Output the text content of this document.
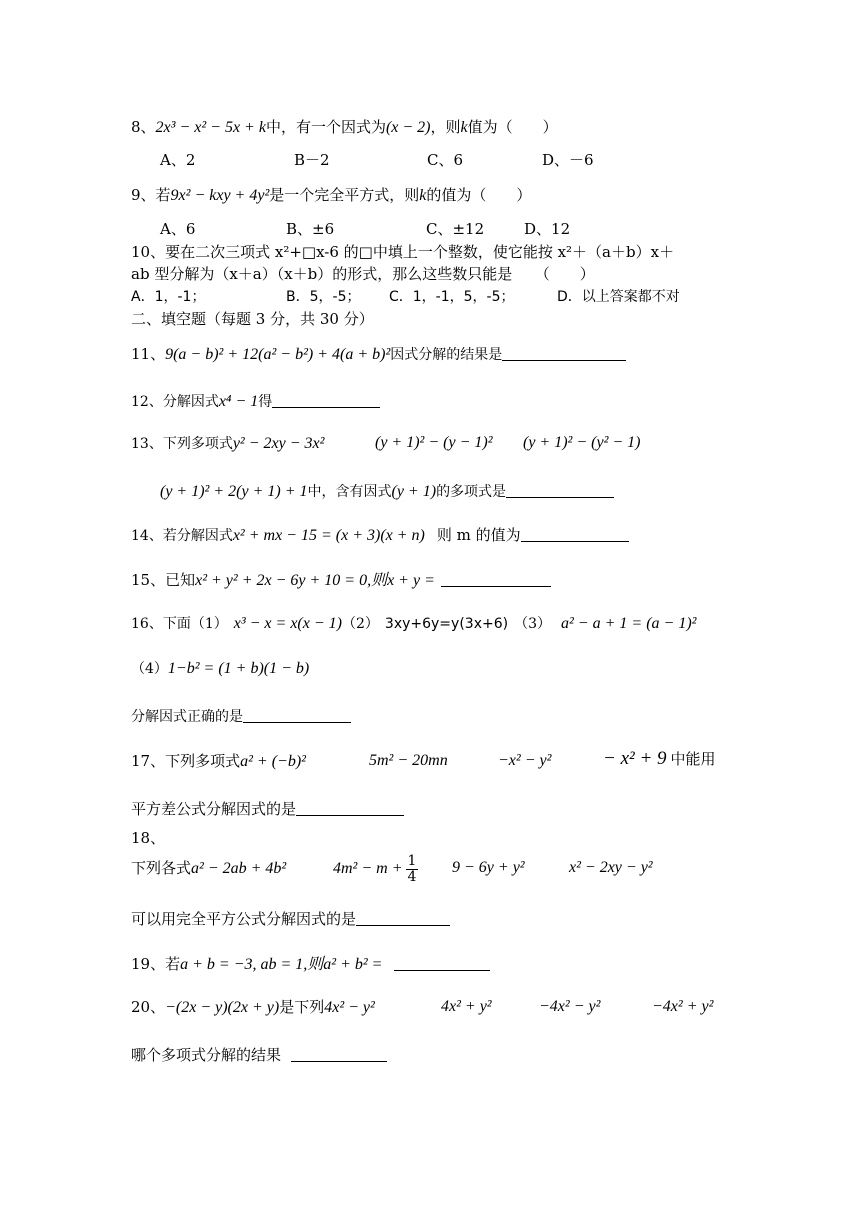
8、2x³ − x² − 5x + k中，有一个因式为(x − 2)，则k值为（　　）
A、2	B－2	C、6	D、－6
9、若9x² − kxy + 4y²是一个完全平方式，则k的值为（　　）
A、6	B、±6	C、±12	D、12
10、要在二次三项式 x²+□x-6 的□中填上一个整数，使它能按 x²＋（a＋b）x＋
ab 型分解为（x＋a）（x＋b）的形式，那么这些数只能是　　（　　）
A．1，-1；	B．5，-5； C．1，-1，5，-5；	D．以上答案都不对
二、填空题（每题 3 分，共 30 分）
11、9(a − b)² + 12(a² − b²) + 4(a + b)²因式分解的结果是
12、分解因式x⁴ − 1得
13、下列多项式y² − 2xy − 3x²	(y + 1)² − (y − 1)² (y + 1)² − (y² − 1)
(y + 1)² + 2(y + 1) + 1中，含有因式(y + 1)的多项式是
14、若分解因式x² + mx − 15 = (x + 3)(x + n) 则 m 的值为
15、已知x² + y² + 2x − 6y + 10 = 0,则x + y =
16、下面（1） x³ − x = x(x − 1)（2） 3xy+6y=y(3x+6) （3） a² − a + 1 = (a − 1)²
（4）1−b² = (1 + b)(1 − b)
分解因式正确的是
17、下列多项式a² + (−b)²	5m² − 20mn	−x² − y²	− x² + 9 中能用
平方差公式分解因式的是
18、
下列各式a² − 2ab + 4b²	$4m^2 - m + \frac{1}{4} 9 - 6y + y^2$	x² − 2xy − y²
可以用完全平方公式分解因式的是
19、若a + b = −3, ab = 1,则a² + b² =
20、−(2x − y)(2x + y)是下列4x² − y²	4x² + y²	−4x² − y²	−4x² + y²
哪个多项式分解的结果
